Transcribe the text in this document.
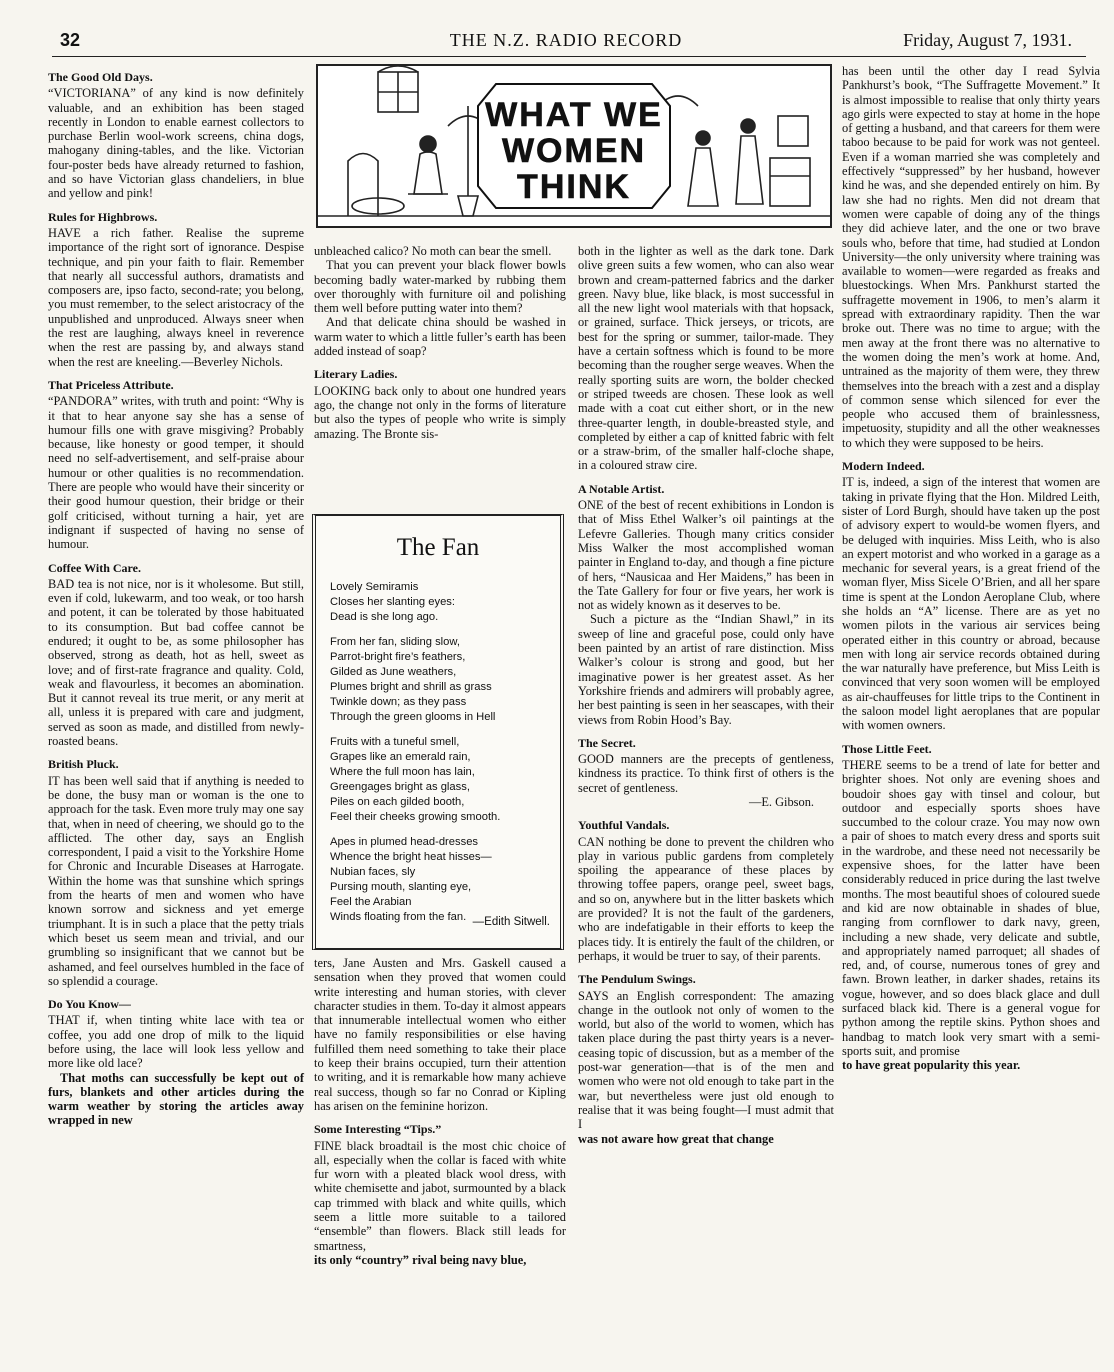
32	THE N.Z. RADIO RECORD	Friday, August 7, 1931.
WHAT WE
WOMEN
THINK
The Good Old Days.

“VICTORIANA” of any kind is now definitely valuable, and an exhibition has been staged recently in London to enable earnest collectors to purchase Berlin wool-work screens, china dogs, mahogany dining-tables, and the like. Victorian four-poster beds have already returned to fashion, and so have Victorian glass chandeliers, in blue and yellow and pink!

Rules for Highbrows.

HAVE a rich father. Realise the supreme importance of the right sort of ignorance. Despise technique, and pin your faith to flair. Remember that nearly all successful authors, dramatists and composers are, ipso facto, second-rate; you belong, you must remember, to the select aristocracy of the unpublished and unproduced. Always sneer when the rest are laughing, always kneel in reverence when the rest are passing by, and always stand when the rest are kneeling.—Beverley Nichols.

That Priceless Attribute.

“PANDORA” writes, with truth and point: “Why is it that to hear anyone say she has a sense of humour fills one with grave misgiving? Probably because, like honesty or good temper, it should need no self-advertisement, and self-praise abour humour or other qualities is no recommendation. There are people who would have their sincerity or their good humour question, their bridge or their golf criticised, without turning a hair, yet are indignant if suspected of having no sense of humour.

Coffee With Care.

BAD tea is not nice, nor is it wholesome. But still, even if cold, lukewarm, and too weak, or too harsh and potent, it can be tolerated by those habituated to its consumption. But bad coffee cannot be endured; it ought to be, as some philosopher has observed, strong as death, hot as hell, sweet as love; and of first-rate fragrance and quality. Cold, weak and flavourless, it becomes an abomination. But it cannot reveal its true merit, or any merit at all, unless it is prepared with care and judgment, served as soon as made, and distilled from newly-roasted beans.

British Pluck.

IT has been well said that if anything is needed to be done, the busy man or woman is the one to approach for the task. Even more truly may one say that, when in need of cheering, we should go to the afflicted. The other day, says an English correspondent, I paid a visit to the Yorkshire Home for Chronic and Incurable Diseases at Harrogate. Within the home was that sunshine which springs from the hearts of men and women who have known sorrow and sickness and yet emerge triumphant. It is in such a place that the petty trials which beset us seem mean and trivial, and our grumbling so insignificant that we cannot but be ashamed, and feel ourselves humbled in the face of so splendid a courage.

Do You Know—

THAT if, when tinting white lace with tea or coffee, you add one drop of milk to the liquid before using, the lace will look less yellow and more like old lace?

That moths can successfully be kept out of furs, blankets and other articles during the warm weather by storing the articles away wrapped in new

unbleached calico? No moth can bear the smell.

That you can prevent your black flower bowls becoming badly water-marked by rubbing them over thoroughly with furniture oil and polishing them well before putting water into them?

And that delicate china should be washed in warm water to which a little fuller’s earth has been added instead of soap?

Literary Ladies.

LOOKING back only to about one hundred years ago, the change not only in the forms of literature but also the types of people who write is simply amazing. The Bronte sis-

The Fan
Lovely Semiramis
Closes her slanting eyes:
Dead is she long ago.
From her fan, sliding slow,
Parrot-bright fire’s feathers,
Gilded as June weathers,
Plumes bright and shrill as grass
Twinkle down; as they pass
Through the green glooms in Hell
Fruits with a tuneful smell,
Grapes like an emerald rain,
Where the full moon has lain,
Greengages bright as glass,
Piles on each gilded booth,
Feel their cheeks growing smooth.
Apes in plumed head-dresses
Whence the bright heat hisses—
Nubian faces, sly
Pursing mouth, slanting eye,
Feel the Arabian
Winds floating from the fan. —Edith Sitwell.

ters, Jane Austen and Mrs. Gaskell caused a sensation when they proved that women could write interesting and human stories, with clever character studies in them. To-day it almost appears that innumerable intellectual women who either have no family responsibilities or else having fulfilled them need something to take their place to keep their brains occupied, turn their attention to writing, and it is remarkable how many achieve real success, though so far no Conrad or Kipling has arisen on the feminine horizon.

Some Interesting “Tips.”

FINE black broadtail is the most chic choice of all, especially when the collar is faced with white fur worn with a pleated black wool dress, with white chemisette and jabot, surmounted by a black cap trimmed with black and white quills, which seem a little more suitable to a tailored “ensemble” than flowers. Black still leads for smartness,

its only “country” rival being navy blue,

both in the lighter as well as the dark tone. Dark olive green suits a few women, who can also wear brown and cream-patterned fabrics and the darker green. Navy blue, like black, is most successful in all the new light wool materials with that hopsack, or grained, surface. Thick jerseys, or tricots, are best for the spring or summer, tailor-made. They have a certain softness which is found to be more becoming than the rougher serge weaves. When the really sporting suits are worn, the bolder checked or striped tweeds are chosen. These look as well made with a coat cut either short, or in the new three-quarter length, in double-breasted style, and completed by either a cap of knitted fabric with felt or a straw-brim, of the smaller half-cloche shape, in a coloured straw cire.

A Notable Artist.

ONE of the best of recent exhibitions in London is that of Miss Ethel Walker’s oil paintings at the Lefevre Galleries. Though many critics consider Miss Walker the most accomplished woman painter in England to-day, and though a fine picture of hers, “Nausicaa and Her Maidens,” has been in the Tate Gallery for four or five years, her work is not as widely known as it deserves to be.

Such a picture as the “Indian Shawl,” in its sweep of line and graceful pose, could only have been painted by an artist of rare distinction. Miss Walker’s colour is strong and good, but her imaginative power is her greatest asset. As her Yorkshire friends and admirers will probably agree, her best painting is seen in her seascapes, with their views from Robin Hood’s Bay.

The Secret.

GOOD manners are the precepts of gentleness, kindness its practice. To think first of others is the secret of gentleness.

—E. Gibson.

Youthful Vandals.

CAN nothing be done to prevent the children who play in various public gardens from completely spoiling the appearance of these places by throwing toffee papers, orange peel, sweet bags, and so on, anywhere but in the litter baskets which are provided? It is not the fault of the gardeners, who are indefatigable in their efforts to keep the places tidy. It is entirely the fault of the children, or perhaps, it would be truer to say, of their parents.

The Pendulum Swings.

SAYS an English correspondent: The amazing change in the outlook not only of women to the world, but also of the world to women, which has taken place during the past thirty years is a never-ceasing topic of discussion, but as a member of the post-war generation—that is of the men and women who were not old enough to take part in the war, but nevertheless were just old enough to realise that it was being fought—I must admit that I

was not aware how great that change

has been until the other day I read Sylvia Pankhurst’s book, “The Suffragette Movement.” It is almost impossible to realise that only thirty years ago girls were expected to stay at home in the hope of getting a husband, and that careers for them were taboo because to be paid for work was not genteel. Even if a woman married she was completely and effectively “suppressed” by her husband, however kind he was, and she depended entirely on him. By law she had no rights. Men did not dream that women were capable of doing any of the things they did achieve later, and the one or two brave souls who, before that time, had studied at London University—the only university where training was available to women—were regarded as freaks and bluestockings. When Mrs. Pankhurst started the suffragette movement in 1906, to men’s alarm it spread with extraordinary rapidity. Then the war broke out. There was no time to argue; with the men away at the front there was no alternative to the women doing the men’s work at home. And, untrained as the majority of them were, they threw themselves into the breach with a zest and a display of common sense which silenced for ever the people who accused them of brainlessness, impetuosity, stupidity and all the other weaknesses to which they were supposed to be heirs.

Modern Indeed.

IT is, indeed, a sign of the interest that women are taking in private flying that the Hon. Mildred Leith, sister of Lord Burgh, should have taken up the post of advisory expert to would-be women flyers, and be deluged with inquiries. Miss Leith, who is also an expert motorist and who worked in a garage as a mechanic for several years, is a great friend of the woman flyer, Miss Sicele O’Brien, and all her spare time is spent at the London Aeroplane Club, where she holds an “A” license. There are as yet no women pilots in the various air services being operated either in this country or abroad, because men with long air service records obtained during the war naturally have preference, but Miss Leith is convinced that very soon women will be employed as air-chauffeuses for little trips to the Continent in the saloon model light aeroplanes that are popular with women owners.

Those Little Feet.

THERE seems to be a trend of late for better and brighter shoes. Not only are evening shoes and boudoir shoes gay with tinsel and colour, but outdoor and especially sports shoes have succumbed to the colour craze. You may now own a pair of shoes to match every dress and sports suit in the wardrobe, and these need not necessarily be expensive shoes, for the latter have been considerably reduced in price during the last twelve months. The most beautiful shoes of coloured suede and kid are now obtainable in shades of blue, ranging from cornflower to dark navy, green, including a new shade, very delicate and subtle, and appropriately named parroquet; all shades of red, and, of course, numerous tones of grey and fawn. Brown leather, in darker shades, retains its vogue, however, and so does black glace and dull surfaced black kid. There is a general vogue for python among the reptile skins. Python shoes and handbag to match look very smart with a semi-sports suit, and promise

to have great popularity this year.
